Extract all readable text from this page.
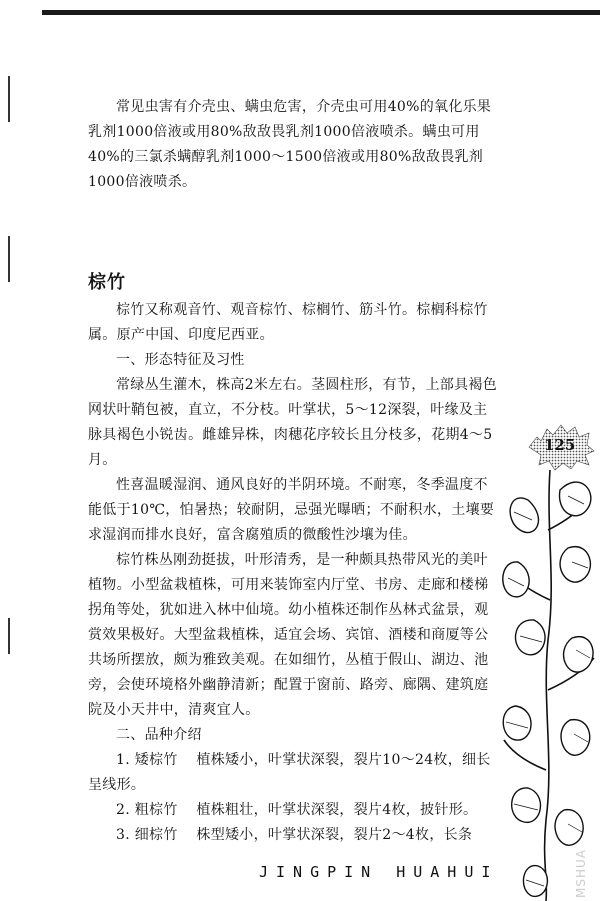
常见虫害有介壳虫、螨虫危害，介壳虫可用40%的氧化乐果乳剂1000倍液或用80%敌敌畏乳剂1000倍液喷杀。螨虫可用40%的三氯杀螨醇乳剂1000～1500倍液或用80%敌敌畏乳剂1000倍液喷杀。

棕竹

棕竹又称观音竹、观音棕竹、棕榈竹、筋斗竹。棕榈科棕竹属。原产中国、印度尼西亚。

一、形态特征及习性

常绿丛生灌木，株高2米左右。茎圆柱形，有节，上部具褐色网状叶鞘包被，直立，不分枝。叶掌状，5～12深裂，叶缘及主脉具褐色小锐齿。雌雄异株，肉穗花序较长且分枝多，花期4～5月。

性喜温暖湿润、通风良好的半阴环境。不耐寒，冬季温度不能低于10℃，怕暑热；较耐阴，忌强光曝晒；不耐积水，土壤要求湿润而排水良好，富含腐殖质的微酸性沙壤为佳。

棕竹株丛刚劲挺拔，叶形清秀，是一种颇具热带风光的美叶植物。小型盆栽植株，可用来装饰室内厅堂、书房、走廊和楼梯拐角等处，犹如进入林中仙境。幼小植株还制作丛林式盆景，观赏效果极好。大型盆栽植株，适宜会场、宾馆、酒楼和商厦等公共场所摆放，颇为雅致美观。在如细竹，丛植于假山、湖边、池旁，会使环境格外幽静清新；配置于窗前、路旁、廊隅、建筑庭院及小天井中，清爽宜人。

二、品种介绍

1. 矮棕竹 植株矮小，叶掌状深裂，裂片10～24枚，细长呈线形。

2. 粗棕竹 植株粗壮，叶掌状深裂，裂片4枚，披针形。

3. 细棕竹 株型矮小，叶掌状深裂，裂片2～4枚，长条

125
JINGPIN HUAHUI	MSHUA
